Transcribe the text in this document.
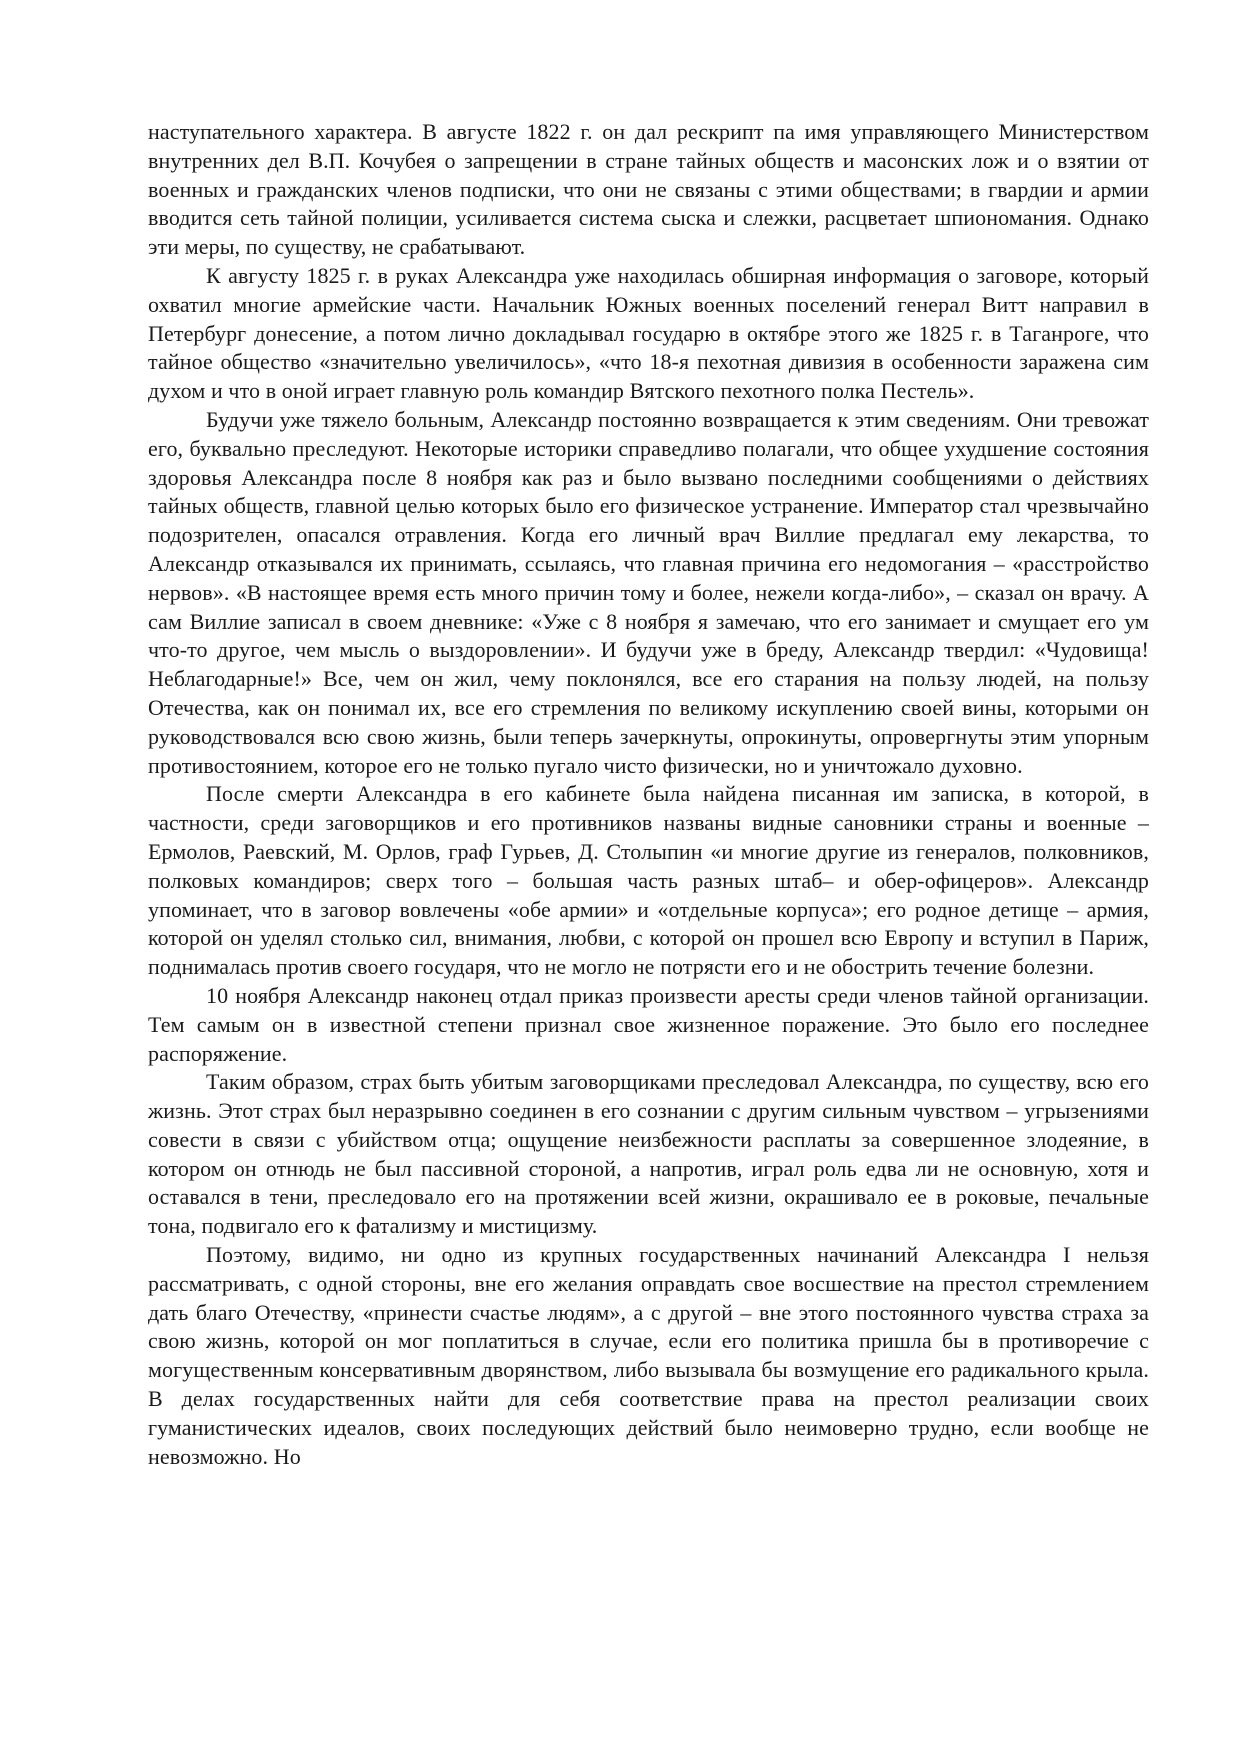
наступательного характера. В августе 1822 г. он дал рескрипт па имя управляющего Министерством внутренних дел В.П. Кочубея о запрещении в стране тайных обществ и масонских лож и о взятии от военных и гражданских членов подписки, что они не связаны с этими обществами; в гвардии и армии вводится сеть тайной полиции, усиливается система сыска и слежки, расцветает шпиономания. Однако эти меры, по существу, не срабатывают.

К августу 1825 г. в руках Александра уже находилась обширная информация о заговоре, который охватил многие армейские части. Начальник Южных военных поселений генерал Витт направил в Петербург донесение, а потом лично докладывал государю в октябре этого же 1825 г. в Таганроге, что тайное общество «значительно увеличилось», «что 18-я пехотная дивизия в особенности заражена сим духом и что в оной играет главную роль командир Вятского пехотного полка Пестель».

Будучи уже тяжело больным, Александр постоянно возвращается к этим сведениям. Они тревожат его, буквально преследуют. Некоторые историки справедливо полагали, что общее ухудшение состояния здоровья Александра после 8 ноября как раз и было вызвано последними сообщениями о действиях тайных обществ, главной целью которых было его физическое устранение. Император стал чрезвычайно подозрителен, опасался отравления. Когда его личный врач Виллие предлагал ему лекарства, то Александр отказывался их принимать, ссылаясь, что главная причина его недомогания – «расстройство нервов». «В настоящее время есть много причин тому и более, нежели когда-либо», – сказал он врачу. А сам Виллие записал в своем дневнике: «Уже с 8 ноября я замечаю, что его занимает и смущает его ум что-то другое, чем мысль о выздоровлении». И будучи уже в бреду, Александр твердил: «Чудовища! Неблагодарные!» Все, чем он жил, чему поклонялся, все его старания на пользу людей, на пользу Отечества, как он понимал их, все его стремления по великому искуплению своей вины, которыми он руководствовался всю свою жизнь, были теперь зачеркнуты, опрокинуты, опровергнуты этим упорным противостоянием, которое его не только пугало чисто физически, но и уничтожало духовно.

После смерти Александра в его кабинете была найдена писанная им записка, в которой, в частности, среди заговорщиков и его противников названы видные сановники страны и военные – Ермолов, Раевский, М. Орлов, граф Гурьев, Д. Столыпин «и многие другие из генералов, полковников, полковых командиров; сверх того – большая часть разных штаб– и обер-офицеров». Александр упоминает, что в заговор вовлечены «обе армии» и «отдельные корпуса»; его родное детище – армия, которой он уделял столько сил, внимания, любви, с которой он прошел всю Европу и вступил в Париж, поднималась против своего государя, что не могло не потрясти его и не обострить течение болезни.

10 ноября Александр наконец отдал приказ произвести аресты среди членов тайной организации. Тем самым он в известной степени признал свое жизненное поражение. Это было его последнее распоряжение.

Таким образом, страх быть убитым заговорщиками преследовал Александра, по существу, всю его жизнь. Этот страх был неразрывно соединен в его сознании с другим сильным чувством – угрызениями совести в связи с убийством отца; ощущение неизбежности расплаты за совершенное злодеяние, в котором он отнюдь не был пассивной стороной, а напротив, играл роль едва ли не основную, хотя и оставался в тени, преследовало его на протяжении всей жизни, окрашивало ее в роковые, печальные тона, подвигало его к фатализму и мистицизму.

Поэтому, видимо, ни одно из крупных государственных начинаний Александра I нельзя рассматривать, с одной стороны, вне его желания оправдать свое восшествие на престол стремлением дать благо Отечеству, «принести счастье людям», а с другой – вне этого постоянного чувства страха за свою жизнь, которой он мог поплатиться в случае, если его политика пришла бы в противоречие с могущественным консервативным дворянством, либо вызывала бы возмущение его радикального крыла. В делах государственных найти для себя соответствие права на престол реализации своих гуманистических идеалов, своих последующих действий было неимоверно трудно, если вообще не невозможно. Но
